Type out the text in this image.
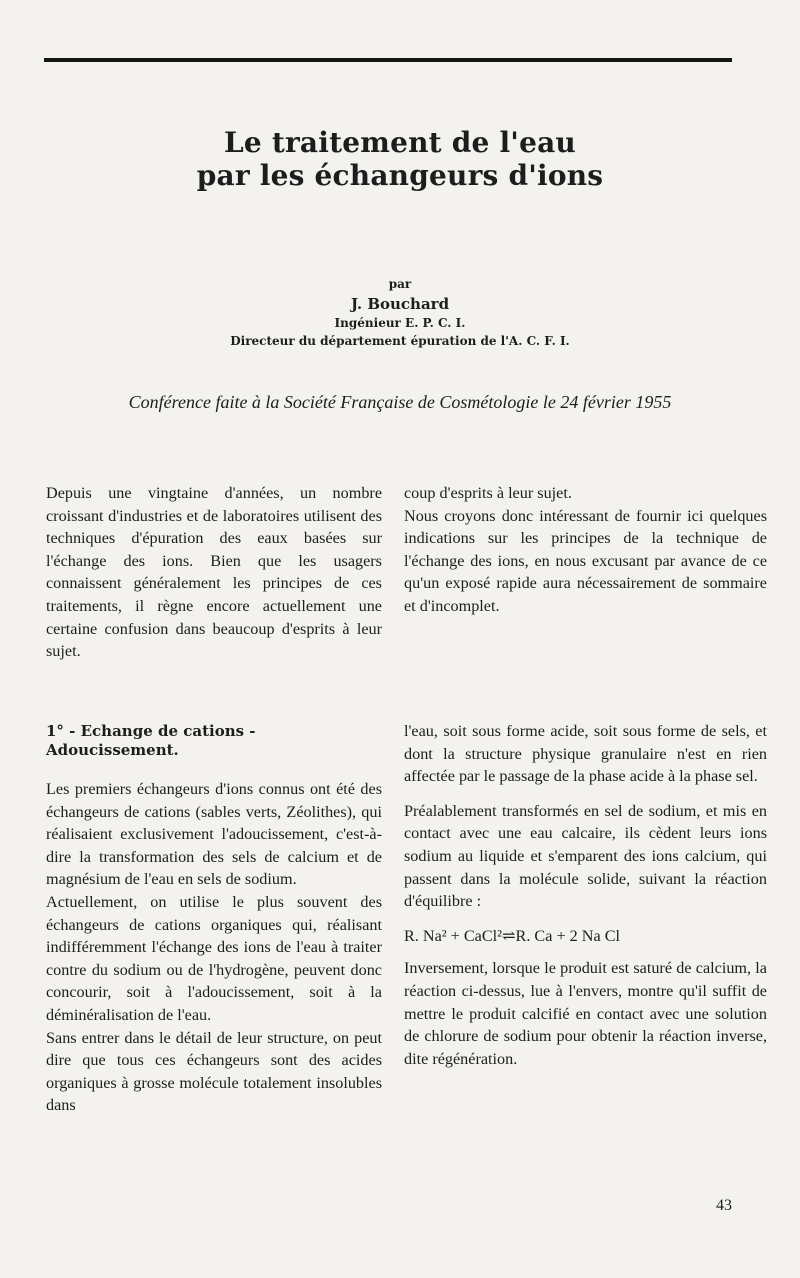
Le traitement de l'eau
par les échangeurs d'ions
par
J. Bouchard
Ingénieur E. P. C. I.
Directeur du département épuration de l'A. C. F. I.
Conférence faite à la Société Française de Cosmétologie le 24 février 1955

Depuis une vingtaine d'années, un nombre croissant d'industries et de laboratoires utilisent des techniques d'épuration des eaux basées sur l'échange des ions. Bien que les usagers connaissent généralement les principes de ces traitements, il règne encore actuellement une certaine confusion dans beaucoup d'esprits à leur sujet.

coup d'esprits à leur sujet.

Nous croyons donc intéressant de fournir ici quelques indications sur les principes de la technique de l'échange des ions, en nous excusant par avance de ce qu'un exposé rapide aura nécessairement de sommaire et d'incomplet.

1° - Echange de cations - Adoucissement.

Les premiers échangeurs d'ions connus ont été des échangeurs de cations (sables verts, Zéolithes), qui réalisaient exclusivement l'adoucissement, c'est-à-dire la transformation des sels de calcium et de magnésium de l'eau en sels de sodium.

Actuellement, on utilise le plus souvent des échangeurs de cations organiques qui, réalisant indifféremment l'échange des ions de l'eau à traiter contre du sodium ou de l'hydrogène, peuvent donc concourir, soit à l'adoucissement, soit à la déminéralisation de l'eau.

Sans entrer dans le détail de leur structure, on peut dire que tous ces échangeurs sont des acides organiques à grosse molécule totalement insolubles dans

l'eau, soit sous forme acide, soit sous forme de sels, et dont la structure physique granulaire n'est en rien affectée par le passage de la phase acide à la phase sel.

Préalablement transformés en sel de sodium, et mis en contact avec une eau calcaire, ils cèdent leurs ions sodium au liquide et s'emparent des ions calcium, qui passent dans la molécule solide, suivant la réaction d'équilibre :

R. Na² + CaCl²⇌R. Ca + 2 Na Cl

Inversement, lorsque le produit est saturé de calcium, la réaction ci-dessus, lue à l'envers, montre qu'il suffit de mettre le produit calcifié en contact avec une solution de chlorure de sodium pour obtenir la réaction inverse, dite régénération.

43
